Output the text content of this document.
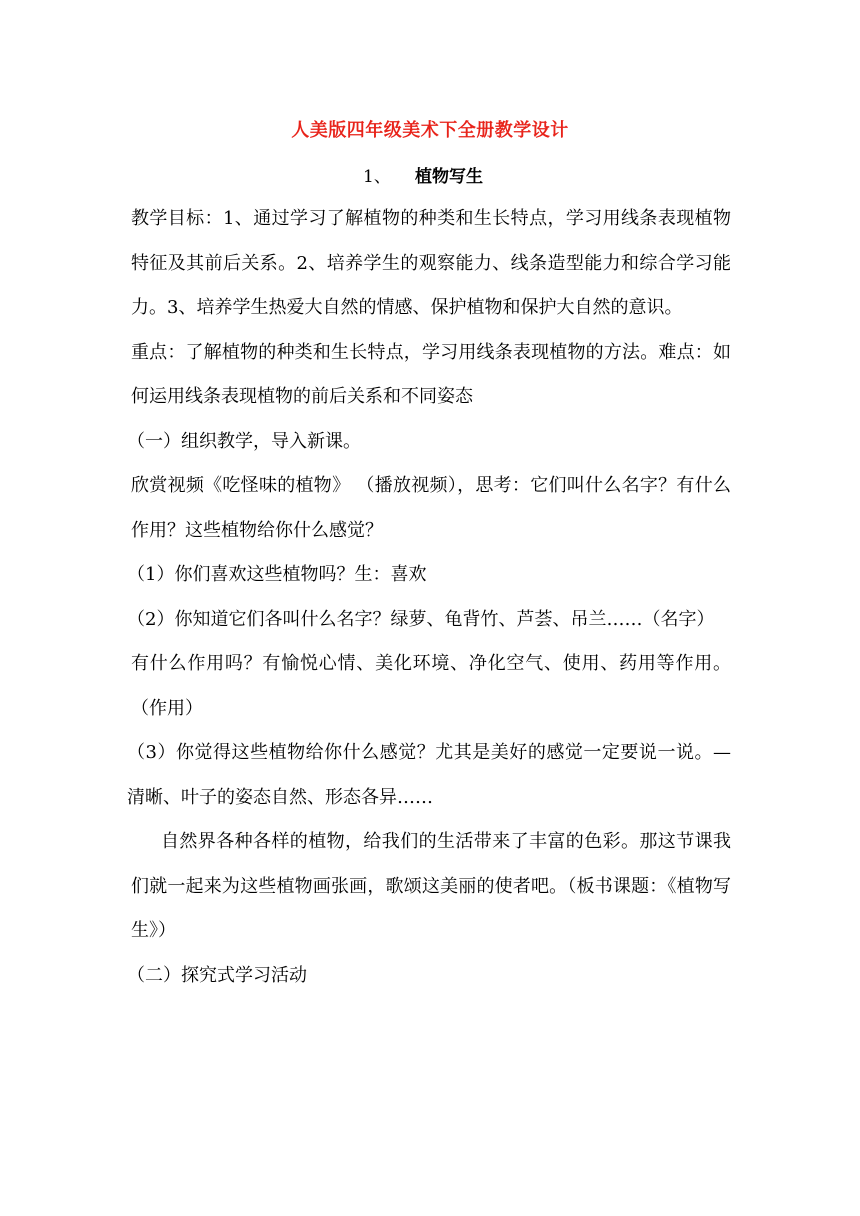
人美版四年级美术下全册教学设计
1、 植物写生

教学目标：1、通过学习了解植物的种类和生长特点，学习用线条表现植物特征及其前后关系。2、培养学生的观察能力、线条造型能力和综合学习能力。3、培养学生热爱大自然的情感、保护植物和保护大自然的意识。

重点：了解植物的种类和生长特点，学习用线条表现植物的方法。难点：如何运用线条表现植物的前后关系和不同姿态

（一）组织教学，导入新课。

欣赏视频《吃怪味的植物》 （播放视频），思考：它们叫什么名字？有什么作用？这些植物给你什么感觉？

（1）你们喜欢这些植物吗？生：喜欢

（2）你知道它们各叫什么名字？绿萝、龟背竹、芦荟、吊兰……（名字）

有什么作用吗？有愉悦心情、美化环境、净化空气、使用、药用等作用。（作用）

（3）你觉得这些植物给你什么感觉？尤其是美好的感觉一定要说一说。—清晰、叶子的姿态自然、形态各异……

自然界各种各样的植物，给我们的生活带来了丰富的色彩。那这节课我们就一起来为这些植物画张画，歌颂这美丽的使者吧。（板书课题：《植物写生》）

（二）探究式学习活动
